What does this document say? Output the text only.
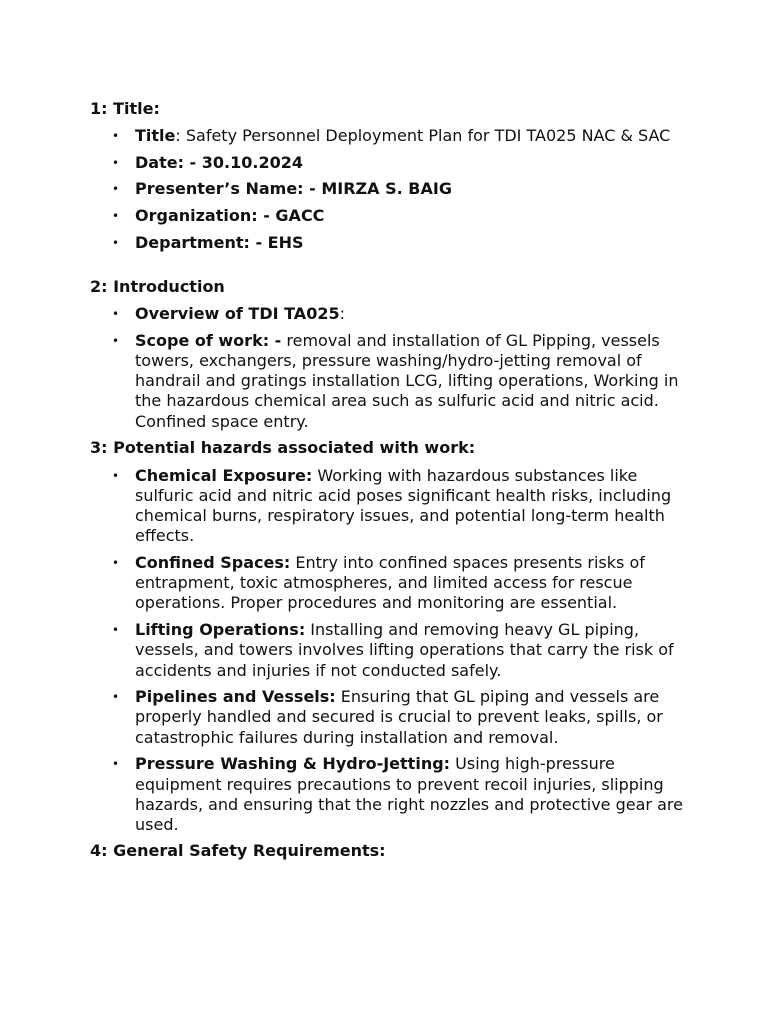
1: Title:

• Title: Safety Personnel Deployment Plan for TDI TA025 NAC & SAC
• Date: - 30.10.2024
• Presenter’s Name: - MIRZA S. BAIG
• Organization: - GACC
• Department: - EHS

2: Introduction

• Overview of TDI TA025:
• Scope of work: - removal and installation of GL Pipping, vessels towers, exchangers, pressure washing/hydro-jetting removal of handrail and gratings installation LCG, lifting operations, Working in the hazardous chemical area such as sulfuric acid and nitric acid. Confined space entry.

3: Potential hazards associated with work:

• Chemical Exposure: Working with hazardous substances like sulfuric acid and nitric acid poses significant health risks, including chemical burns, respiratory issues, and potential long-term health effects.
• Confined Spaces: Entry into confined spaces presents risks of entrapment, toxic atmospheres, and limited access for rescue operations. Proper procedures and monitoring are essential.
• Lifting Operations: Installing and removing heavy GL piping, vessels, and towers involves lifting operations that carry the risk of accidents and injuries if not conducted safely.
• Pipelines and Vessels: Ensuring that GL piping and vessels are properly handled and secured is crucial to prevent leaks, spills, or catastrophic failures during installation and removal.
• Pressure Washing & Hydro-Jetting: Using high-pressure equipment requires precautions to prevent recoil injuries, slipping hazards, and ensuring that the right nozzles and protective gear are used.

4: General Safety Requirements:
